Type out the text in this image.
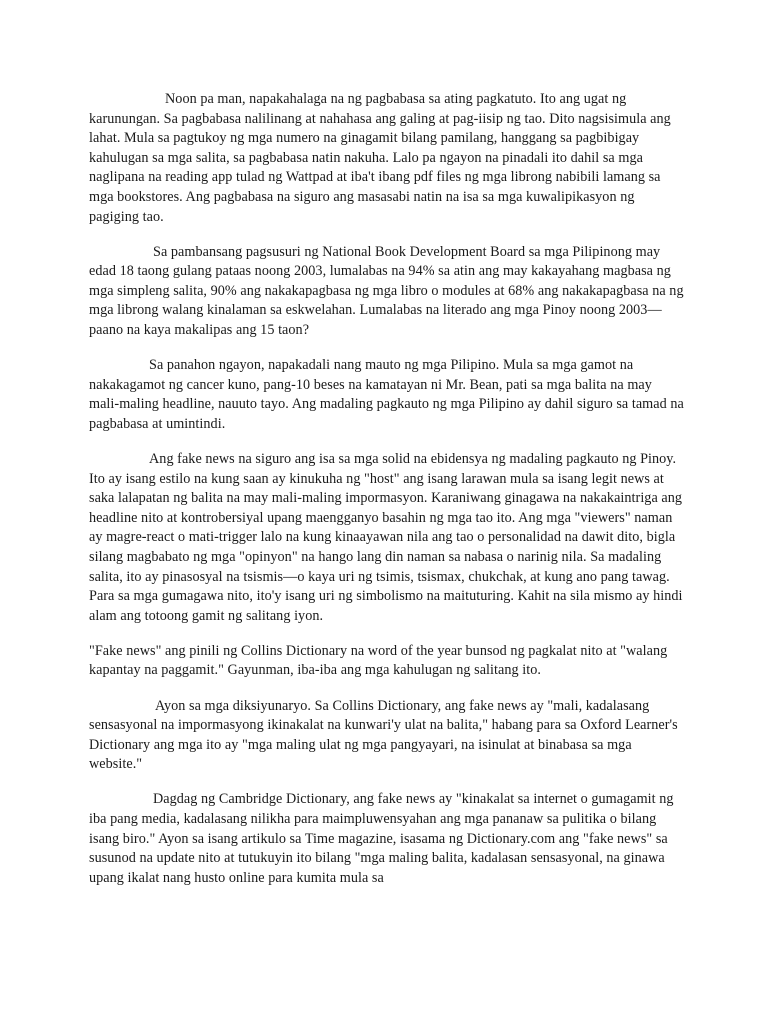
Noon pa man, napakahalaga na ng pagbabasa sa ating pagkatuto. Ito ang ugat ng karunungan. Sa pagbabasa nalilinang at nahahasa ang galing at pag-iisip ng tao. Dito nagsisimula ang lahat. Mula sa pagtukoy ng mga numero na ginagamit bilang pamilang, hanggang sa pagbibigay kahulugan sa mga salita, sa pagbabasa natin nakuha. Lalo pa ngayon na pinadali ito dahil sa mga naglipana na reading app tulad ng Wattpad at iba't ibang pdf files ng mga librong nabibili lamang sa mga bookstores. Ang pagbabasa na siguro ang masasabi natin na isa sa mga kuwalipikasyon ng pagiging tao.

Sa pambansang pagsusuri ng National Book Development Board sa mga Pilipinong may edad 18 taong gulang pataas noong 2003, lumalabas na 94% sa atin ang may kakayahang magbasa ng mga simpleng salita, 90% ang nakakapagbasa ng mga libro o modules at 68% ang nakakapagbasa na ng mga librong walang kinalaman sa eskwelahan. Lumalabas na literado ang mga Pinoy noong 2003—paano na kaya makalipas ang 15 taon?

Sa panahon ngayon, napakadali nang mauto ng mga Pilipino. Mula sa mga gamot na nakakagamot ng cancer kuno, pang-10 beses na kamatayan ni Mr. Bean, pati sa mga balita na may mali-maling headline, nauuto tayo. Ang madaling pagkauto ng mga Pilipino ay dahil siguro sa tamad na pagbabasa at umintindi.

Ang fake news na siguro ang isa sa mga solid na ebidensya ng madaling pagkauto ng Pinoy. Ito ay isang estilo na kung saan ay kinukuha ng "host" ang isang larawan mula sa isang legit news at saka lalapatan ng balita na may mali-maling impormasyon. Karaniwang ginagawa na nakakaintriga ang headline nito at kontrobersiyal upang maengganyo basahin ng mga tao ito. Ang mga "viewers" naman ay magre-react o mati-trigger lalo na kung kinaayawan nila ang tao o personalidad na dawit dito, bigla silang magbabato ng mga "opinyon" na hango lang din naman sa nabasa o narinig nila. Sa madaling salita, ito ay pinasosyal na tsismis—o kaya uri ng tsimis, tsismax, chukchak, at kung ano pang tawag. Para sa mga gumagawa nito, ito'y isang uri ng simbolismo na maituturing. Kahit na sila mismo ay hindi alam ang totoong gamit ng salitang iyon.

"Fake news" ang pinili ng Collins Dictionary na word of the year bunsod ng pagkalat nito at "walang kapantay na paggamit." Gayunman, iba-iba ang mga kahulugan ng salitang ito.

Ayon sa mga diksiyunaryo. Sa Collins Dictionary, ang fake news ay "mali, kadalasang sensasyonal na impormasyong ikinakalat na kunwari'y ulat na balita," habang para sa Oxford Learner's Dictionary ang mga ito ay "mga maling ulat ng mga pangyayari, na isinulat at binabasa sa mga website."

Dagdag ng Cambridge Dictionary, ang fake news ay "kinakalat sa internet o gumagamit ng iba pang media, kadalasang nilikha para maimpluwensyahan ang mga pananaw sa pulitika o bilang isang biro." Ayon sa isang artikulo sa Time magazine, isasama ng Dictionary.com ang "fake news" sa susunod na update nito at tutukuyin ito bilang "mga maling balita, kadalasan sensasyonal, na ginawa upang ikalat nang husto online para kumita mula sa
